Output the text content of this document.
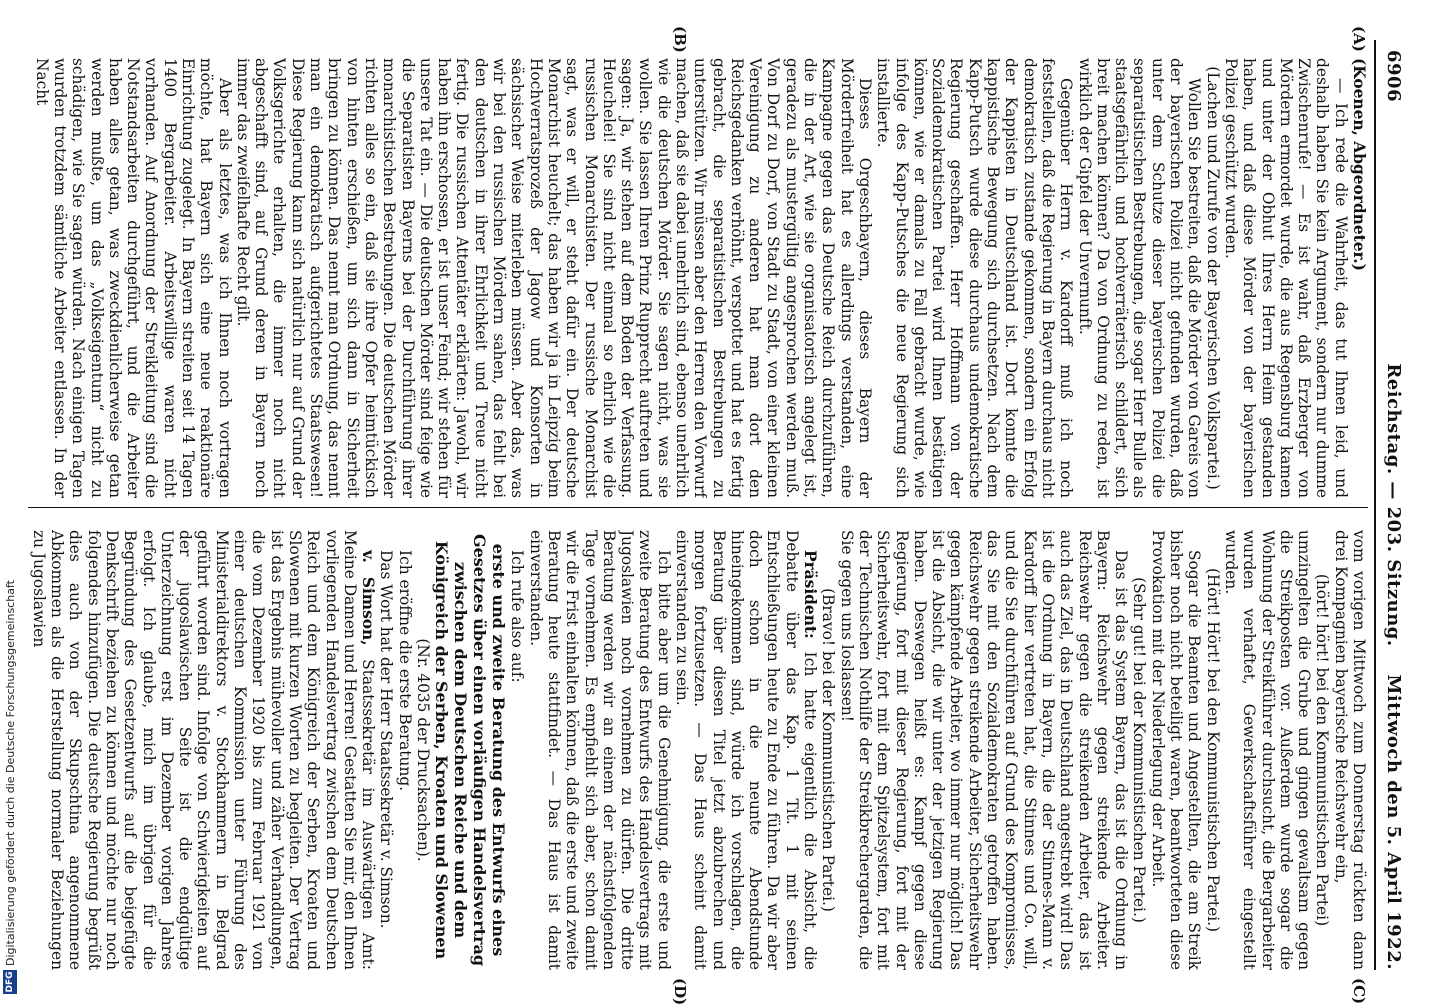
6906
Reichstag. — 203. Sitzung.
Mittwoch den 5. April 1922.
(A)
(B)
(C)
(D)

(Koenen, Abgeordneter.)

— Ich rede die Wahrheit, das tut Ihnen leid, und deshalb haben Sie kein Argument, sondern nur dumme Zwischenrufe! — Es ist wahr, daß Erzberger von Mördern ermordet wurde, die aus Regensburg kamen und unter der Obhut Ihres Herrn Heim gestanden haben, und daß diese Mörder von der bayerischen Polizei geschützt wurden.

(Lachen und Zurufe von der Bayerischen Volkspartei.)

Wollen Sie bestreiten, daß die Mörder von Gareis von der bayerischen Polizei nicht gefunden wurden, daß unter dem Schutze dieser bayerischen Polizei die separatistischen Bestrebungen, die sogar Herr Bulle als staatsgefährlich und hochverräterisch schildert, sich breit machen können? Da von Ordnung zu reden, ist wirklich der Gipfel der Unvernunft.

Gegenüber Herrn v. Kardorff muß ich noch feststellen, daß die Regierung in Bayern durchaus nicht demokratisch zustande gekommen, sondern ein Erfolg der Kappisten in Deutschland ist. Dort konnte die kappistische Bewegung sich durchsetzen. Nach dem Kapp-Putsch wurde diese durchaus undemokratische Regierung geschaffen. Herr Hoffmann von der Sozialdemokratischen Partei wird Ihnen bestätigen können, wie er damals zu Fall gebracht wurde, wie infolge des Kapp-Putsches die neue Regierung sich installierte.

Dieses Orgeschbayern, dieses Bayern der Mörderfreiheit hat es allerdings verstanden, eine Kampagne gegen das Deutsche Reich durchzuführen, die in der Art, wie sie organisatorisch angelegt ist, geradezu als mustergültig angesprochen werden muß. Von Dorf zu Dorf, von Stadt zu Stadt, von einer kleinen Vereinigung zu anderen hat man dort den Reichsgedanken verhöhnt, verspottet und hat es fertig gebracht, die separatistischen Bestrebungen zu unterstützen. Wir müssen aber den Herren den Vorwurf machen, daß sie dabei unehrlich sind, ebenso unehrlich wie die deutschen Mörder. Sie sagen nicht, was sie wollen. Sie lassen Ihren Prinz Rupprecht auftreten und sagen: Ja, wir stehen auf dem Boden der Verfassung. Heuchelei! Sie sind nicht einmal so ehrlich wie die russischen Monarchisten. Der russische Monarchist sagt, was er will, er steht dafür ein. Der deutsche Monarchist heuchelt; das haben wir ja in Leipzig beim Hochverratsprozeß der Jagow und Konsorten in sächsischer Weise miterleben müssen. Aber das, was wir bei den russischen Mördern sahen, das fehlt bei den deutschen in ihrer Ehrlichkeit und Treue nicht fertig. Die russischen Attentäter erklärten: Jawohl, wir haben ihn erschossen, er ist unser Feind; wir stehen für unsere Tat ein. — Die deutschen Mörder sind feige wie die Separatisten Bayerns bei der Durchführung ihrer monarchistischen Bestrebungen. Die deutschen Mörder richten alles so ein, daß sie ihre Opfer heimtückisch von hinten erschießen, um sich dann in Sicherheit bringen zu können. Das nennt man Ordnung, das nennt man ein demokratisch aufgerichtetes Staatswesen! Diese Regierung kann sich natürlich nur auf Grund der Volksgerichte erhalten, die immer noch nicht abgeschafft sind, auf Grund deren in Bayern noch immer das zweifelhafte Recht gilt.

Aber als letztes, was ich Ihnen noch vortragen möchte, hat Bayern sich eine neue reaktionäre Einrichtung zugelegt. In Bayern streiten seit 14 Tagen 1400 Bergarbeiter. Arbeitswillige waren nicht vorhanden. Auf Anordnung der Streikleitung sind die Notstandsarbeiten durchgeführt, und die Arbeiter haben alles getan, was zweckdienlicherweise getan werden mußte, um das „Volkseigentum“ nicht zu schädigen, wie Sie sagen würden. Nach einigen Tagen wurden trotzdem sämtliche Arbeiter entlassen. In der Nacht

vom vorigen Mittwoch zum Donnerstag rückten dann drei Kompagnien bayerische Reichswehr ein,

(hört! hört! bei den Kommunistischen Partei)

umzingelten die Grube und gingen gewaltsam gegen die Streikposten vor. Außerdem wurde sogar die Wohnung der Streikführer durchsucht, die Bergarbeiter wurden verhaftet, Gewerkschaftsführer eingestellt wurden.

(Hört! Hört! bei den Kommunistischen Partei.)

Sogar die Beamten und Angestellten, die am Streik bisher noch nicht beteiligt waren, beantworteten diese Provokation mit der Niederlegung der Arbeit.

(Sehr gut! bei der Kommunistischen Partei.)

Das ist das System Bayern, das ist die Ordnung in Bayern: Reichswehr gegen streikende Arbeiter. Reichswehr gegen die streikenden Arbeiter, das ist auch das Ziel, das in Deutschland angestrebt wird! Das ist die Ordnung in Bayern, die der Stinnes-Mann v. Kardorff hier vertreten hat, die Stinnes und Co. will, und die Sie durchführen auf Grund des Kompromisses, das Sie mit den Sozialdemokraten getroffen haben. Reichswehr gegen streikende Arbeiter, Sicherheitswehr gegen kämpfende Arbeiter, wo immer nur möglich! Das ist die Absicht, die wir unter der jetzigen Regierung haben. Deswegen heißt es: Kampf gegen diese Regierung, fort mit dieser Regierung, fort mit der Sicherheitswehr, fort mit dem Spitzelsystem, fort mit der Technischen Nothilfe der Streikbrechergarden, die Sie gegen uns loslassen!

(Bravo! bei der Kommunistischen Partei.)

Präsident: Ich hatte eigentlich die Absicht, die Debatte über das Kap. 1 Tit. 1 mit seinen Entschließungen heute zu Ende zu führen. Da wir aber doch schon in die neunte Abendstunde hineingekommen sind, würde ich vorschlagen, die Beratung über diesen Titel jetzt abzubrechen und morgen fortzusetzen. — Das Haus scheint damit einverstanden zu sein.

Ich bitte aber um die Genehmigung, die erste und zweite Beratung des Entwurfs des Handelsvertrags mit Jugoslawien noch vornehmen zu dürfen. Die dritte Beratung werden wir an einem der nächstfolgenden Tage vornehmen. Es empfiehlt sich aber, schon damit wir die Frist einhalten können, daß die erste und zweite Beratung heute stattfindet. — Das Haus ist damit einverstanden.

Ich rufe also auf:

erste und zweite Beratung des Entwurfs eines Gesetzes über einen vorläufigen Handelsvertrag zwischen dem Deutschen Reiche und dem Königreich der Serben, Kroaten und Slowenen

(Nr. 4035 der Drucksachen).

Ich eröffne die erste Beratung.

Das Wort hat der Herr Staatssekretär v. Simson.

v. Simson, Staatssekretär im Auswärtigen Amt: Meine Damen und Herren! Gestatten Sie mir, den Ihnen vorliegenden Handelsvertrag zwischen dem Deutschen Reich und dem Königreich der Serben, Kroaten und Slowenen mit kurzen Worten zu begleiten. Der Vertrag ist das Ergebnis mühevoller und zäher Verhandlungen, die vom Dezember 1920 bis zum Februar 1921 von einer deutschen Kommission unter Führung des Ministerialdirektors v. Stockhammern in Belgrad geführt worden sind. Infolge von Schwierigkeiten auf der jugoslawischen Seite ist die endgültige Unterzeichnung erst im Dezember vorigen Jahres erfolgt. Ich glaube, mich im übrigen für die Begründung des Gesetzentwurfs auf die beigefügte Denkschrift beziehen zu können und möchte nur noch folgendes hinzufügen. Die deutsche Regierung begrüßt dies auch von der Skupschtina angenommene Abkommen als die Herstellung normaler Beziehungen zu Jugoslawien

DFG
Digitalisierung gefördert durch die Deutsche Forschungsgemeinschaft
